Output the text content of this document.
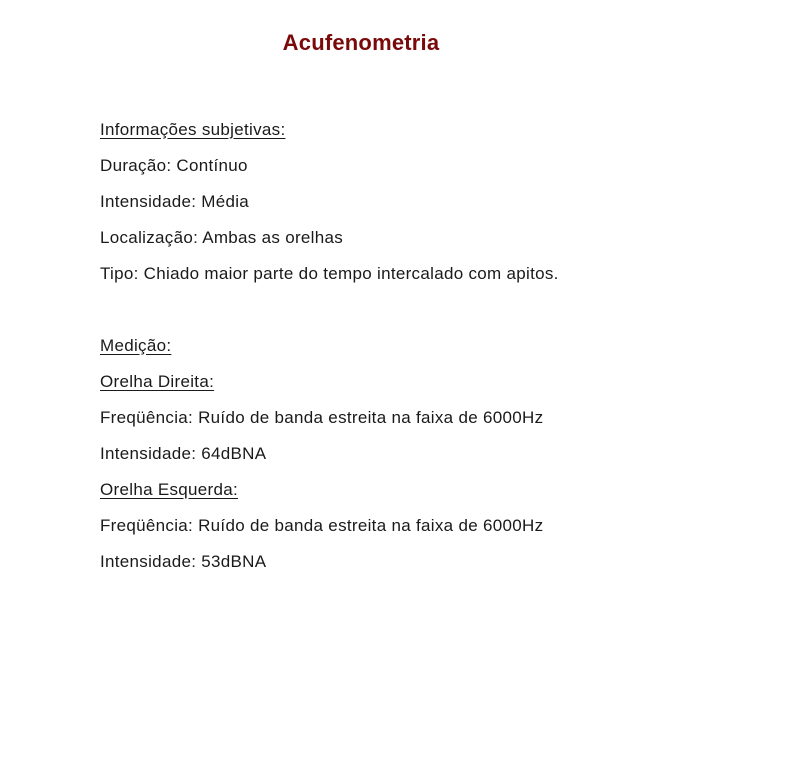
Acufenometria
Informações subjetivas:
Duração: Contínuo
Intensidade: Média
Localização: Ambas as orelhas
Tipo: Chiado maior parte do tempo intercalado com apitos.
Medição:
Orelha Direita:
Freqüência: Ruído de banda estreita na faixa de 6000Hz
Intensidade: 64dBNA
Orelha Esquerda:
Freqüência: Ruído de banda estreita na faixa de 6000Hz
Intensidade: 53dBNA
